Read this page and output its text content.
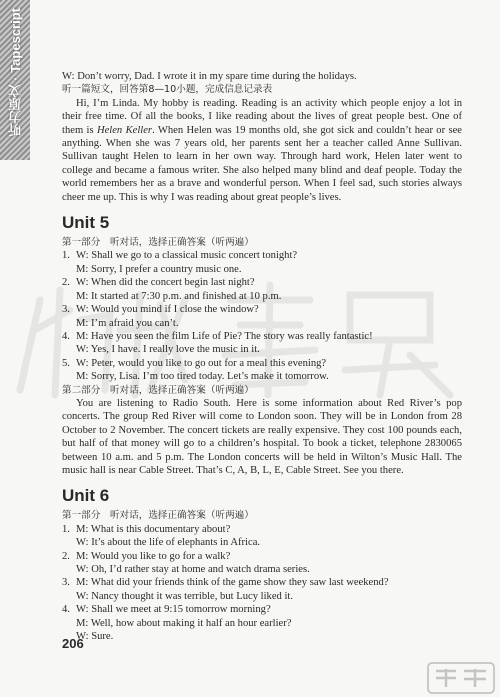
听力原文 · Tapescript	W: Don’t worry, Dad. I wrote it in my spare time during the holidays.
听一篇短文，回答第8—10小题，完成信息记录表
Hi, I’m Linda. My hobby is reading. Reading is an activity which people enjoy a lot in their free time. Of all the books, I like reading about the lives of great people best. One of them is Helen Keller. When Helen was 19 months old, she got sick and couldn’t hear or see anything. When she was 7 years old, her parents sent her a teacher called Anne Sullivan. Sullivan taught Helen to learn in her own way. Through hard work, Helen later went to college and became a famous writer. She also helped many blind and deaf people. Today the world remembers her as a brave and wonderful person. When I feel sad, such stories always cheer me up. This is why I was reading about great people’s lives.
Unit 5
第一部分　听对话，选择正确答案（听两遍）
1. W: Shall we go to a classical music concert tonight?
M: Sorry, I prefer a country music one.
2. W: When did the concert begin last night?
M: It started at 7:30 p.m. and finished at 10 p.m.
3. W: Would you mind if I close the window?
M: I’m afraid you can’t.
4. M: Have you seen the film Life of Pie? The story was really fantastic!
W: Yes, I have. I really love the music in it.
5. W: Peter, would you like to go out for a meal this evening?
M: Sorry, Lisa. I’m too tired today. Let’s make it tomorrow.
第二部分　听对话，选择正确答案（听两遍）
You are listening to Radio South. Here is some information about Red River’s pop concerts. The group Red River will come to London soon. They will be in London from 28 October to 2 November. The concert tickets are really expensive. They cost 100 pounds each, but half of that money will go to a children’s hospital. To book a ticket, telephone 2830065 between 10 a.m. and 5 p.m. The London concerts will be held in Wilton’s Music Hall. The music hall is near Cable Street. That’s C, A, B, L, E, Cable Street. See you there.
Unit 6
第一部分　听对话，选择正确答案（听两遍）
1. M: What is this documentary about?
W: It’s about the life of elephants in Africa.
2. M: Would you like to go for a walk?
W: Oh, I’d rather stay at home and watch drama series.
3. M: What did your friends think of the game show they saw last weekend?
W: Nancy thought it was terrible, but Lucy liked it.
4. W: Shall we meet at 9:15 tomorrow morning?
M: Well, how about making it half an hour earlier?
W: Sure.
206
